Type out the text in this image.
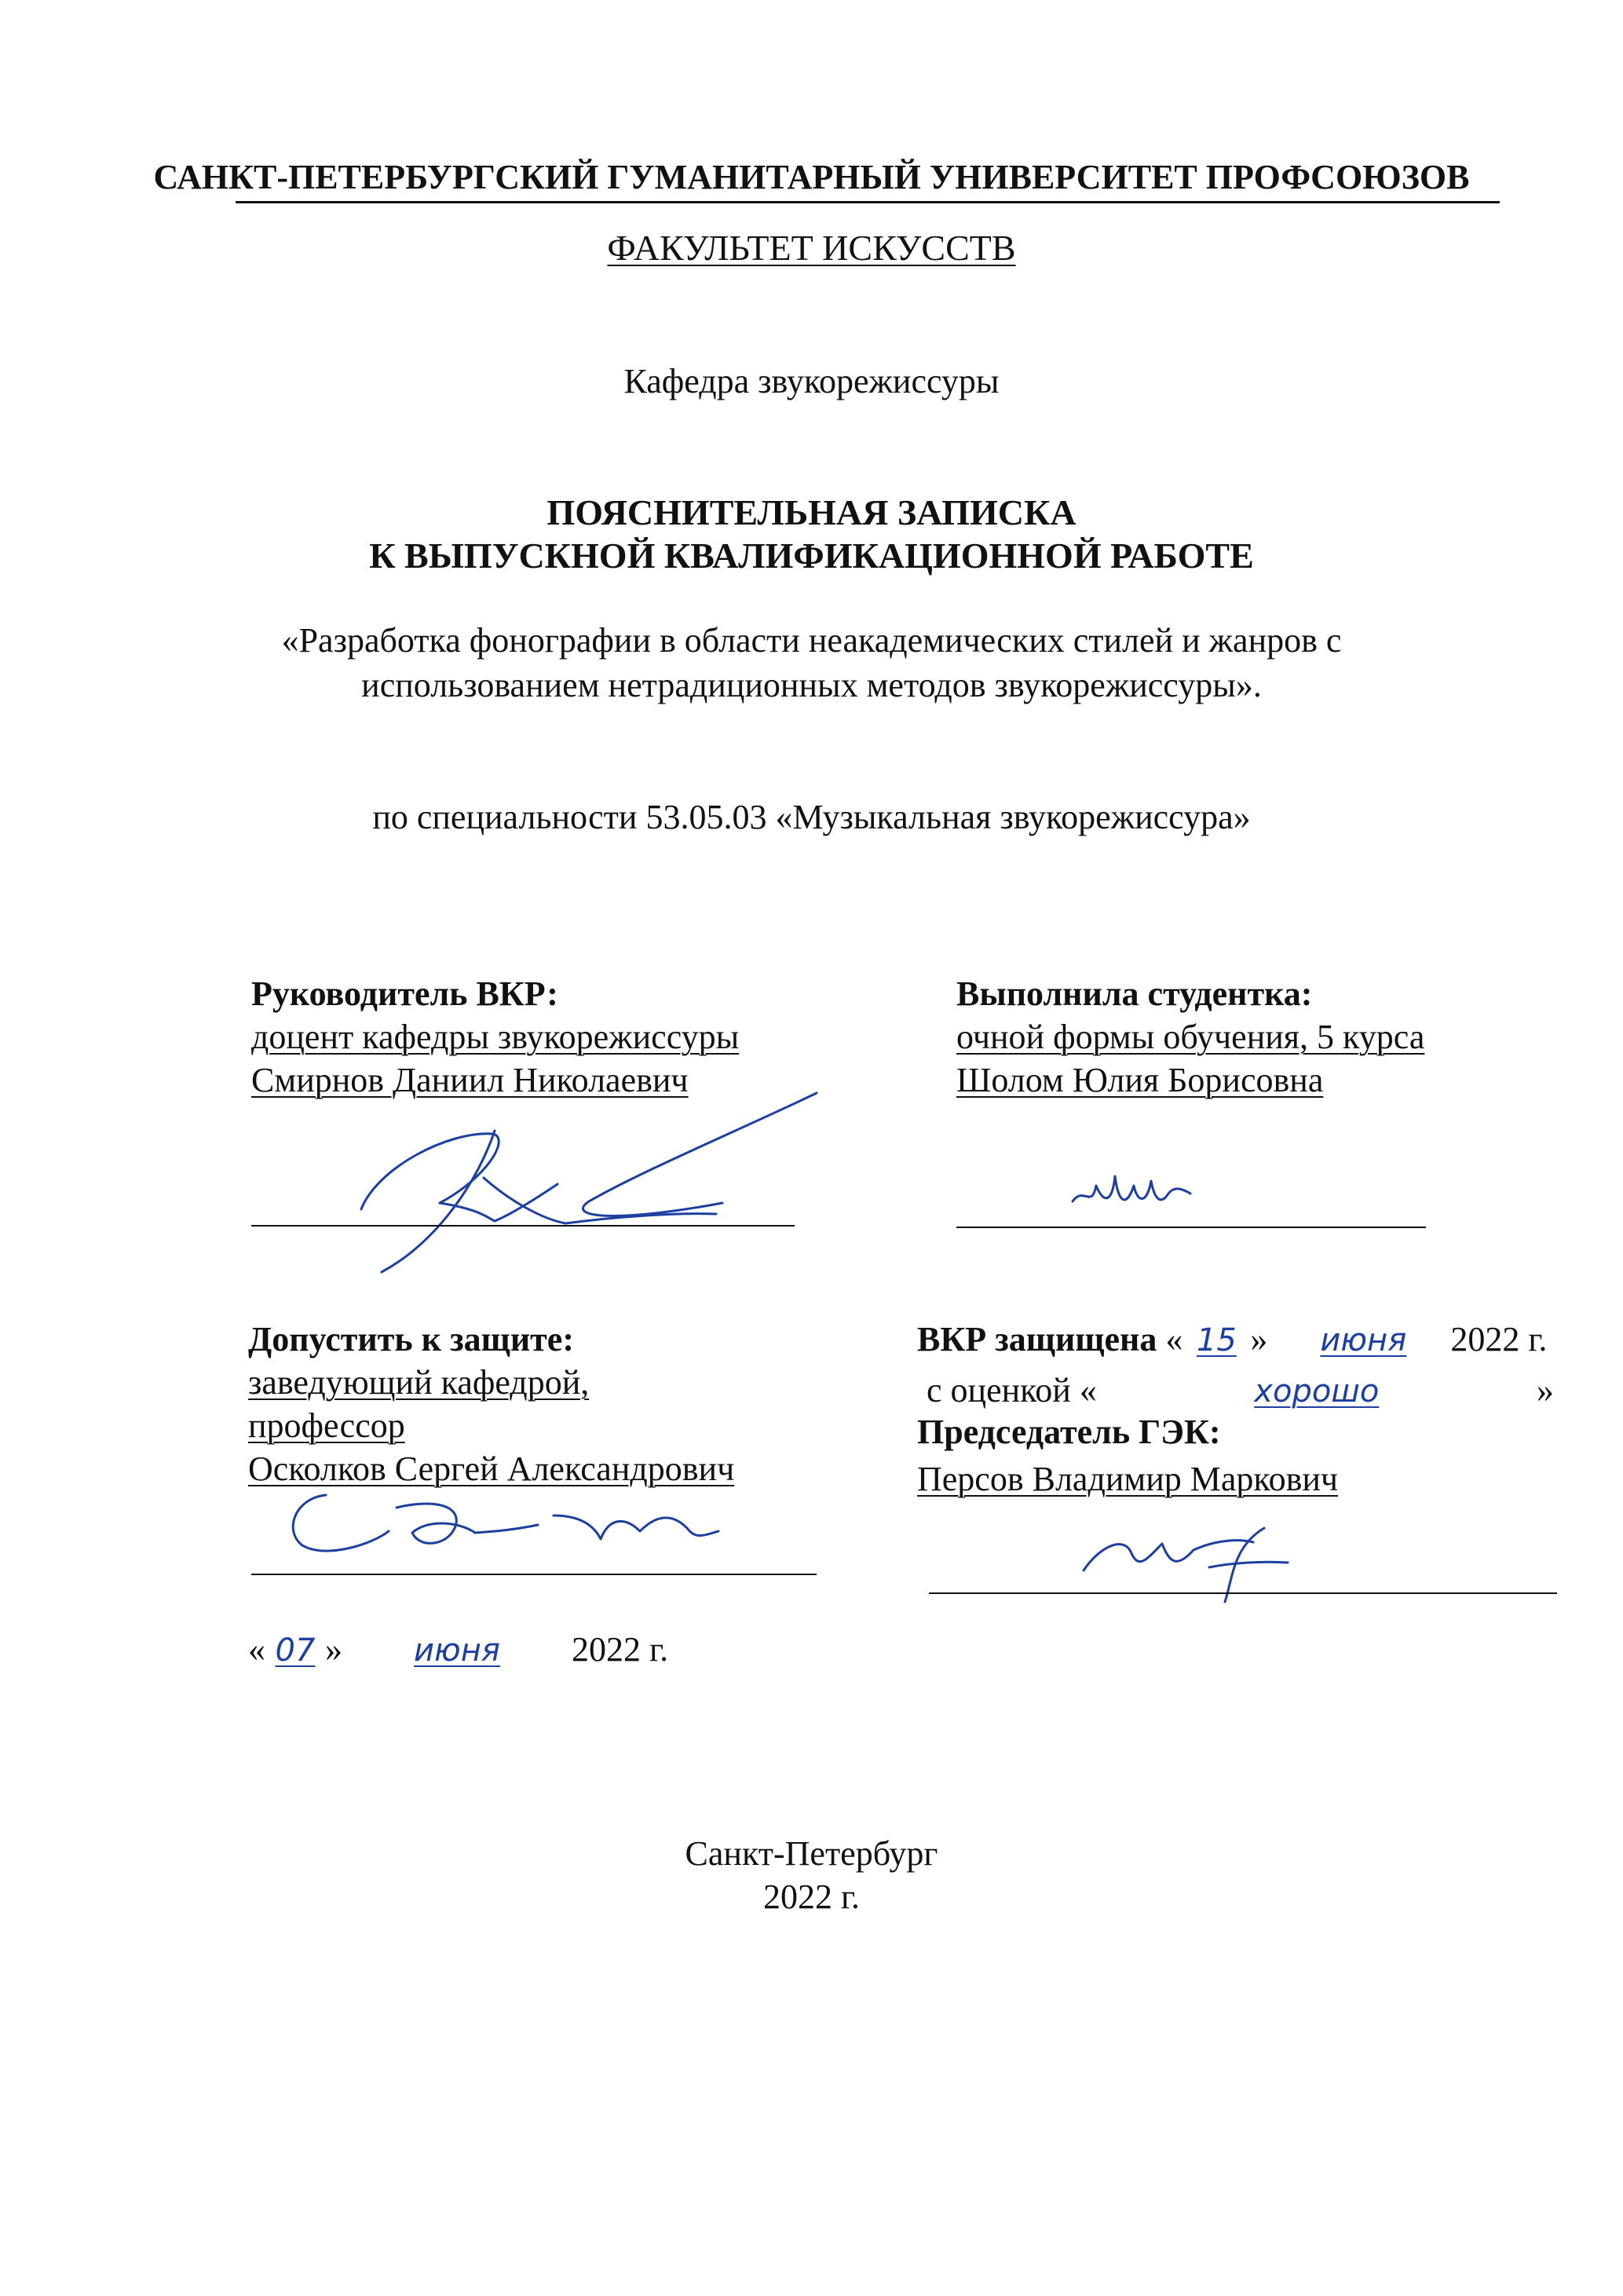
САНКТ-ПЕТЕРБУРГСКИЙ ГУМАНИТАРНЫЙ УНИВЕРСИТЕТ ПРОФСОЮЗОВ
ФАКУЛЬТЕТ ИСКУССТВ
Кафедра звукорежиссуры
ПОЯСНИТЕЛЬНАЯ ЗАПИСКА
К ВЫПУСКНОЙ КВАЛИФИКАЦИОННОЙ РАБОТЕ
«Разработка фонографии в области неакадемических стилей и жанров с
использованием нетрадиционных методов звукорежиссуры».
по специальности 53.05.03 «Музыкальная звукорежиссура»
Руководитель ВКР:
доцент кафедры звукорежиссуры
Смирнов Даниил Николаевич
Выполнила студентка:
очной формы обучения, 5 курса
Шолом Юлия Борисовна
Допустить к защите:
заведующий кафедрой,
профессор
Осколков Сергей Александрович
« 07 » июня 2022 г.
ВКР защищена « 15 » июня 2022 г.
с оценкой «	хорошо	»
Председатель ГЭК:
Персов Владимир Маркович
Санкт-Петербург
2022 г.
